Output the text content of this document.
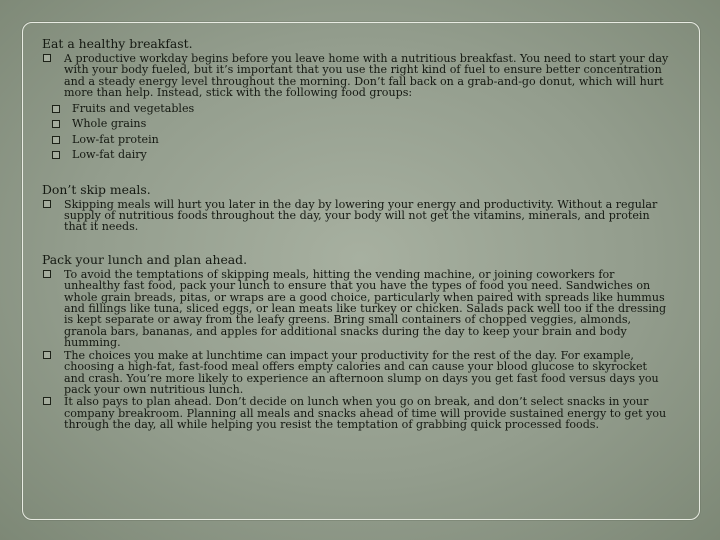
Eat a healthy breakfast.
A productive workday begins before you leave home with a nutritious breakfast. You need to start your day with your body fueled, but it’s important that you use the right kind of fuel to ensure better concentration and a steady energy level throughout the morning. Don’t fall back on a grab-and-go donut, which will hurt more than help. Instead, stick with the following food groups:
Fruits and vegetables
Whole grains
Low-fat protein
Low-fat dairy
Don’t skip meals.
Skipping meals will hurt you later in the day by lowering your energy and productivity. Without a regular supply of nutritious foods throughout the day, your body will not get the vitamins, minerals, and protein that it needs.
Pack your lunch and plan ahead.
To avoid the temptations of skipping meals, hitting the vending machine, or joining coworkers for unhealthy fast food, pack your lunch to ensure that you have the types of food you need. Sandwiches on whole grain breads, pitas, or wraps are a good choice, particularly when paired with spreads like hummus and fillings like tuna, sliced eggs, or lean meats like turkey or chicken. Salads pack well too if the dressing is kept separate or away from the leafy greens. Bring small containers of chopped veggies, almonds, granola bars, bananas, and apples for additional snacks during the day to keep your brain and body humming.
The choices you make at lunchtime can impact your productivity for the rest of the day. For example, choosing a high-fat, fast-food meal offers empty calories and can cause your blood glucose to skyrocket and crash. You’re more likely to experience an afternoon slump on days you get fast food versus days you pack your own nutritious lunch.
It also pays to plan ahead. Don’t decide on lunch when you go on break, and don’t select snacks in your company breakroom. Planning all meals and snacks ahead of time will provide sustained energy to get you through the day, all while helping you resist the temptation of grabbing quick processed foods.
